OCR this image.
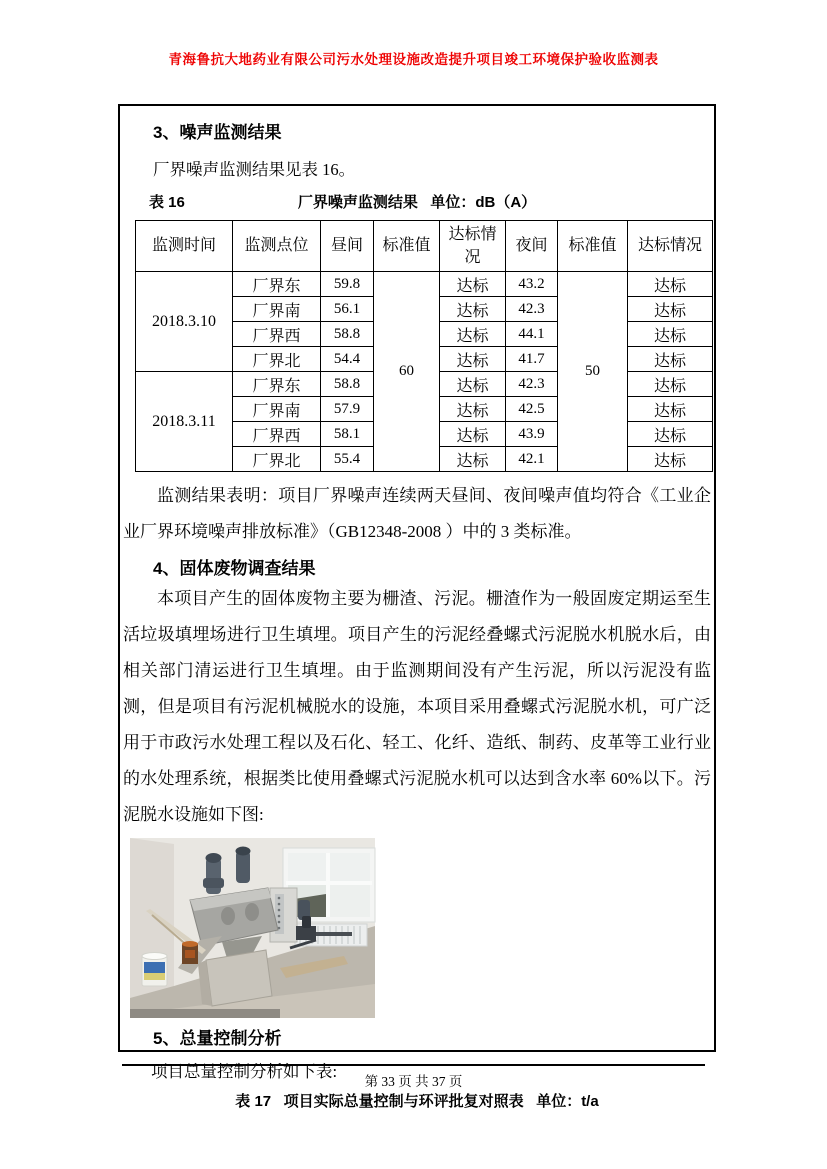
青海鲁抗大地药业有限公司污水处理设施改造提升项目竣工环境保护验收监测表
3、噪声监测结果
厂界噪声监测结果见表 16。
表 16	厂界噪声监测结果 单位：dB（A）
监测时间	监测点位	昼间	标准值	达标情况	夜间	标准值	达标情况
2018.3.10	厂界东	59.8	60	达标	43.2	50	达标
	厂界南	56.1		达标	42.3		达标
	厂界西	58.8		达标	44.1		达标
	厂界北	54.4		达标	41.7		达标
2018.3.11	厂界东	58.8		达标	42.3		达标
	厂界南	57.9		达标	42.5		达标
	厂界西	58.1		达标	43.9		达标
	厂界北	55.4		达标	42.1		达标
监测结果表明：项目厂界噪声连续两天昼间、夜间噪声值均符合《工业企业厂界环境噪声排放标准》（GB12348-2008 ）中的 3 类标准。
4、固体废物调查结果
本项目产生的固体废物主要为栅渣、污泥。栅渣作为一般固废定期运至生活垃圾填埋场进行卫生填埋。项目产生的污泥经叠螺式污泥脱水机脱水后，由相关部门清运进行卫生填埋。由于监测期间没有产生污泥，所以污泥没有监测，但是项目有污泥机械脱水的设施，本项目采用叠螺式污泥脱水机，可广泛用于市政污水处理工程以及石化、轻工、化纤、造纸、制药、皮革等工业行业的水处理系统，根据类比使用叠螺式污泥脱水机可以达到含水率 60%以下。污泥脱水设施如下图:
5、总量控制分析
项目总量控制分析如下表:
表 17 项目实际总量控制与环评批复对照表 单位：t/a
第 33 页 共 37 页
